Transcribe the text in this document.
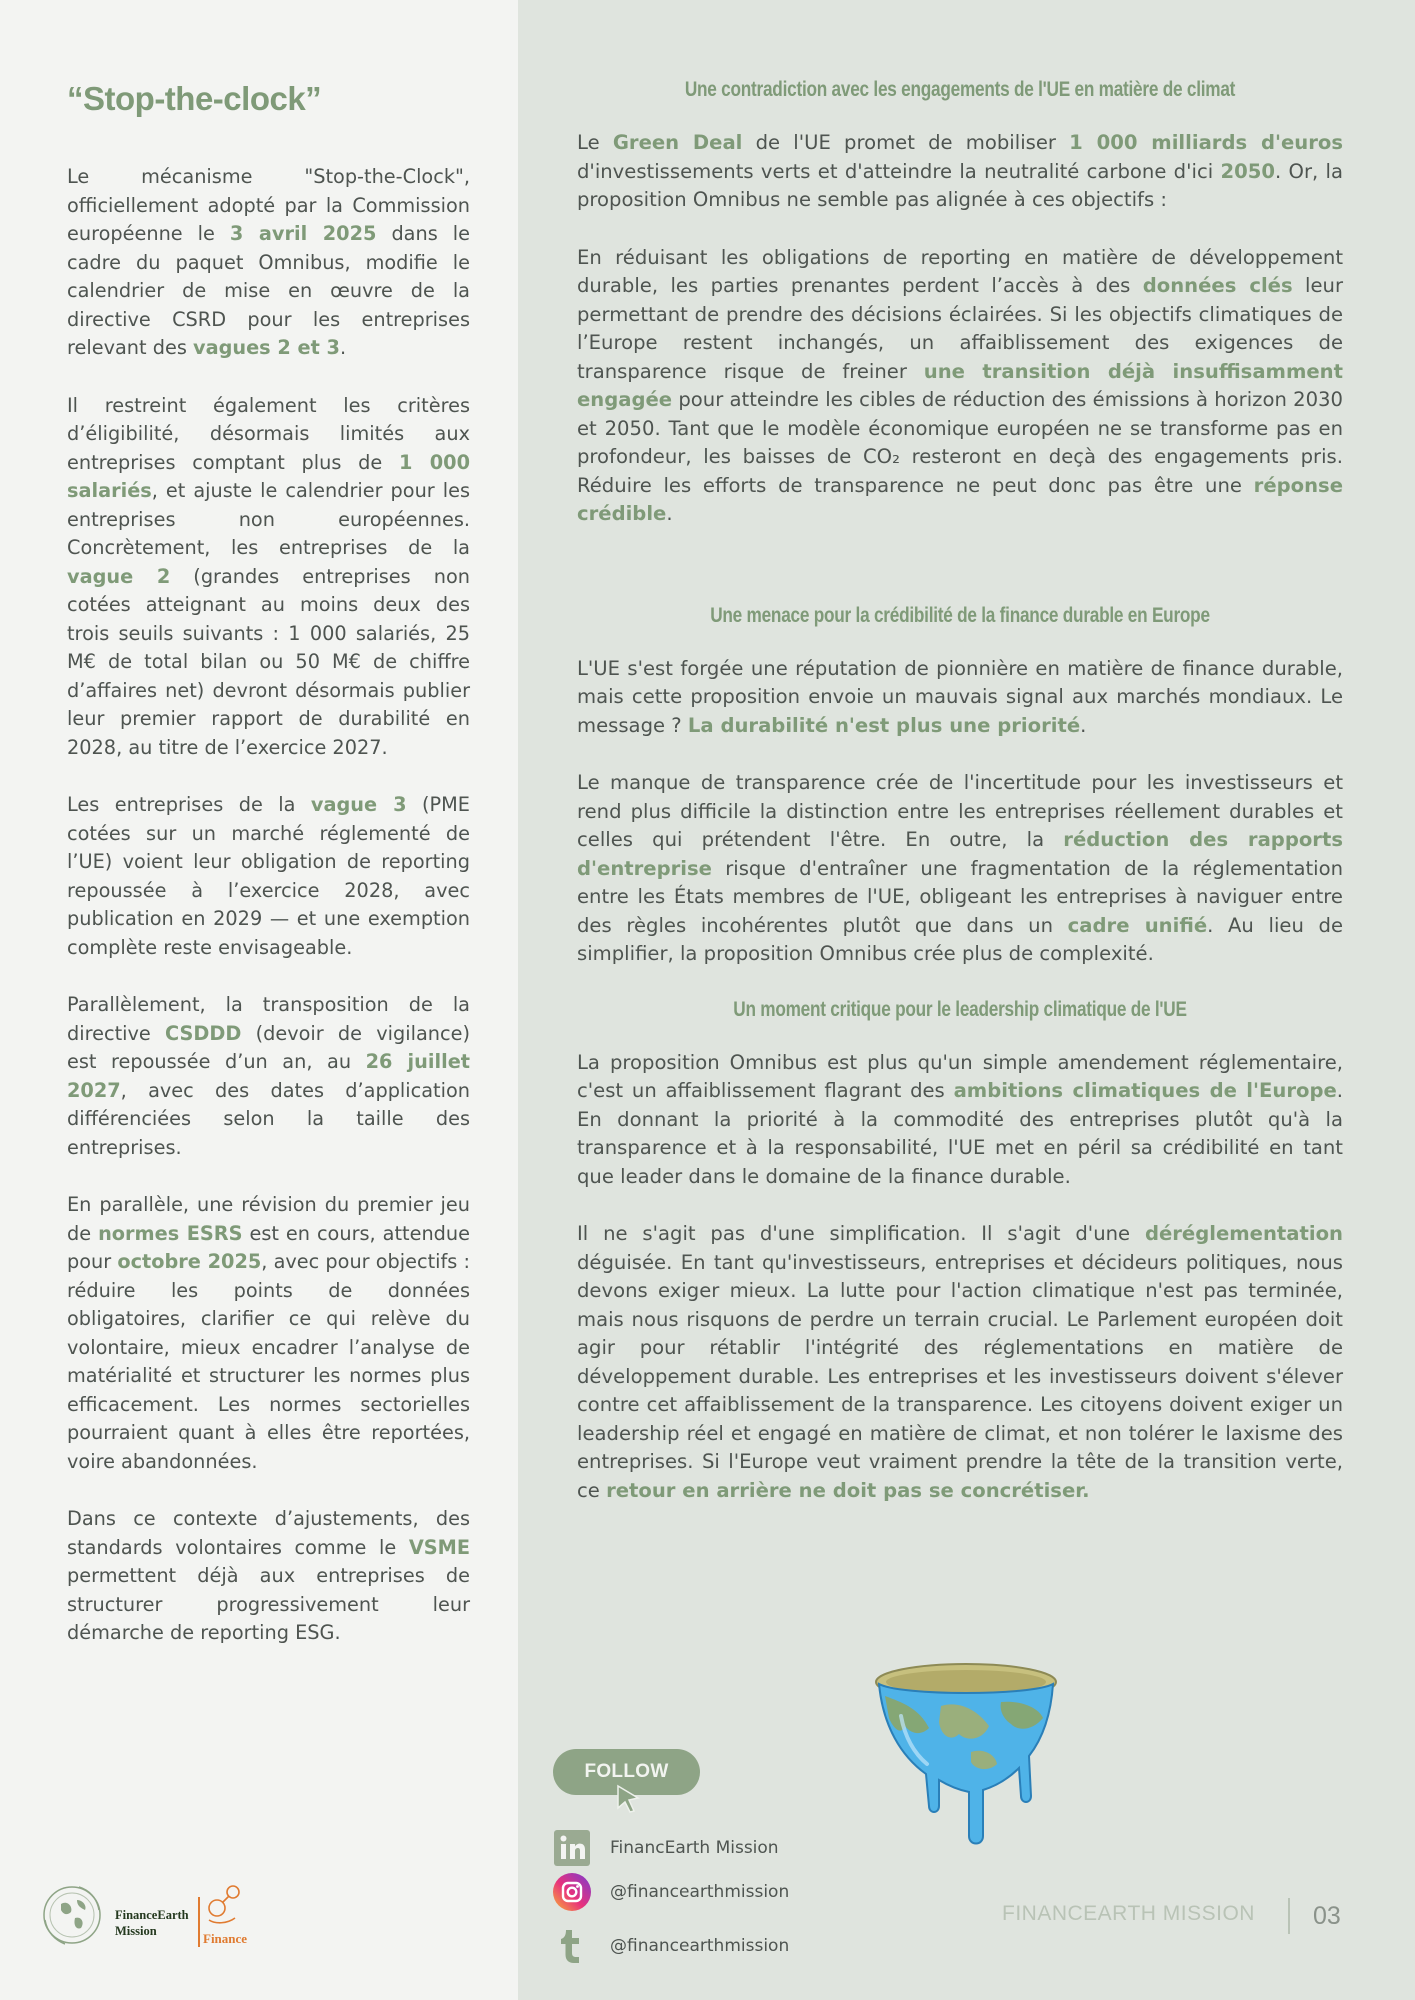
“Stop-the-clock”

Le mécanisme "Stop-the-Clock", officiellement adopté par la Commission européenne le 3 avril 2025 dans le cadre du paquet Omnibus, modifie le calendrier de mise en œuvre de la directive CSRD pour les entreprises relevant des vagues 2 et 3.

Il restreint également les critères d’éligibilité, désormais limités aux entreprises comptant plus de 1 000 salariés, et ajuste le calendrier pour les entreprises non européennes. Concrètement, les entreprises de la vague 2 (grandes entreprises non cotées atteignant au moins deux des trois seuils suivants : 1 000 salariés, 25 M€ de total bilan ou 50 M€ de chiffre d’affaires net) devront désormais publier leur premier rapport de durabilité en 2028, au titre de l’exercice 2027.

Les entreprises de la vague 3 (PME cotées sur un marché réglementé de l’UE) voient leur obligation de reporting repoussée à l’exercice 2028, avec publication en 2029 — et une exemption complète reste envisageable.

Parallèlement, la transposition de la directive CSDDD (devoir de vigilance) est repoussée d’un an, au 26 juillet 2027, avec des dates d’application différenciées selon la taille des entreprises.

En parallèle, une révision du premier jeu de normes ESRS est en cours, attendue pour octobre 2025, avec pour objectifs : réduire les points de données obligatoires, clarifier ce qui relève du volontaire, mieux encadrer l’analyse de matérialité et structurer les normes plus efficacement. Les normes sectorielles pourraient quant à elles être reportées, voire abandonnées.

Dans ce contexte d’ajustements, des standards volontaires comme le VSME permettent déjà aux entreprises de structurer progressivement leur démarche de reporting ESG.

Une contradiction avec les engagements de l'UE en matière de climat

Le Green Deal de l'UE promet de mobiliser 1 000 milliards d'euros d'investissements verts et d'atteindre la neutralité carbone d'ici 2050. Or, la proposition Omnibus ne semble pas alignée à ces objectifs :

En réduisant les obligations de reporting en matière de développement durable, les parties prenantes perdent l’accès à des données clés leur permettant de prendre des décisions éclairées. Si les objectifs climatiques de l’Europe restent inchangés, un affaiblissement des exigences de transparence risque de freiner une transition déjà insuffisamment engagée pour atteindre les cibles de réduction des émissions à horizon 2030 et 2050. Tant que le modèle économique européen ne se transforme pas en profondeur, les baisses de CO₂ resteront en deçà des engagements pris. Réduire les efforts de transparence ne peut donc pas être une réponse crédible.

Une menace pour la crédibilité de la finance durable en Europe

L'UE s'est forgée une réputation de pionnière en matière de finance durable, mais cette proposition envoie un mauvais signal aux marchés mondiaux. Le message ? La durabilité n'est plus une priorité.

Le manque de transparence crée de l'incertitude pour les investisseurs et rend plus difficile la distinction entre les entreprises réellement durables et celles qui prétendent l'être. En outre, la réduction des rapports d'entreprise risque d'entraîner une fragmentation de la réglementation entre les États membres de l'UE, obligeant les entreprises à naviguer entre des règles incohérentes plutôt que dans un cadre unifié. Au lieu de simplifier, la proposition Omnibus crée plus de complexité.

Un moment critique pour le leadership climatique de l'UE

La proposition Omnibus est plus qu'un simple amendement réglementaire, c'est un affaiblissement flagrant des ambitions climatiques de l'Europe. En donnant la priorité à la commodité des entreprises plutôt qu'à la transparence et à la responsabilité, l'UE met en péril sa crédibilité en tant que leader dans le domaine de la finance durable.

Il ne s'agit pas d'une simplification. Il s'agit d'une déréglementation déguisée. En tant qu'investisseurs, entreprises et décideurs politiques, nous devons exiger mieux. La lutte pour l'action climatique n'est pas terminée, mais nous risquons de perdre un terrain crucial. Le Parlement européen doit agir pour rétablir l'intégrité des réglementations en matière de développement durable. Les entreprises et les investisseurs doivent s'élever contre cet affaiblissement de la transparence. Les citoyens doivent exiger un leadership réel et engagé en matière de climat, et non tolérer le laxisme des entreprises. Si l'Europe veut vraiment prendre la tête de la transition verte, ce retour en arrière ne doit pas se concrétiser.

FOLLOW
FinancEarth Mission
@financearthmission
@financearthmission
FINANCEARTH MISSION 03
FinanceEarth
Mission	Finance
